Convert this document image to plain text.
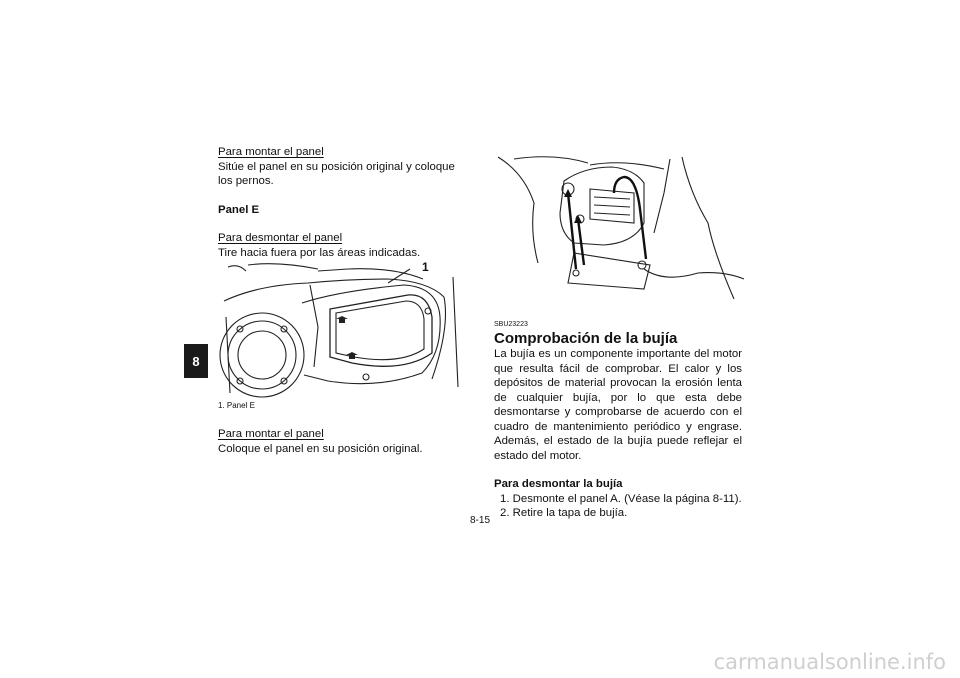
8
Para montar el panel
Sitúe el panel en su posición original y coloque los pernos.
Panel E
Para desmontar el panel
Tire hacia fuera por las áreas indicadas.
1
1. Panel E
Para montar el panel
Coloque el panel en su posición original.
SBU23223
Comprobación de la bujía
La bujía es un componente importante del motor que resulta fácil de comprobar. El calor y los depósitos de material provocan la erosión lenta de cualquier bujía, por lo que esta debe desmontarse y comprobarse de acuerdo con el cuadro de mantenimiento periódico y engrase. Además, el estado de la bujía puede reflejar el estado del motor.
Para desmontar la bujía
1. Desmonte el panel A. (Véase la página 8-11).
2. Retire la tapa de bujía.
8-15
carmanualsonline.info
